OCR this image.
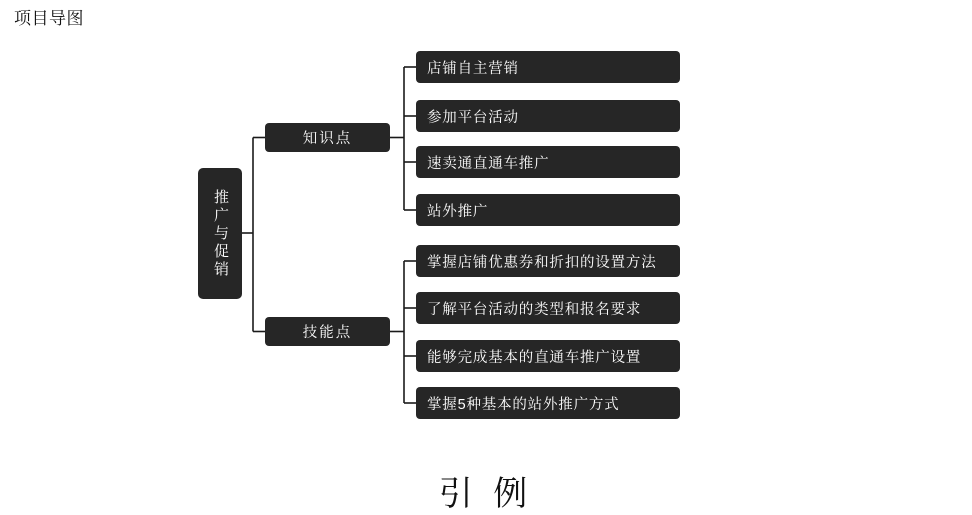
项目导图
推广与促销
知识点
技能点
店铺自主营销
参加平台活动
速卖通直通车推广
站外推广
掌握店铺优惠券和折扣的设置方法
了解平台活动的类型和报名要求
能够完成基本的直通车推广设置
掌握5种基本的站外推广方式
引 例
